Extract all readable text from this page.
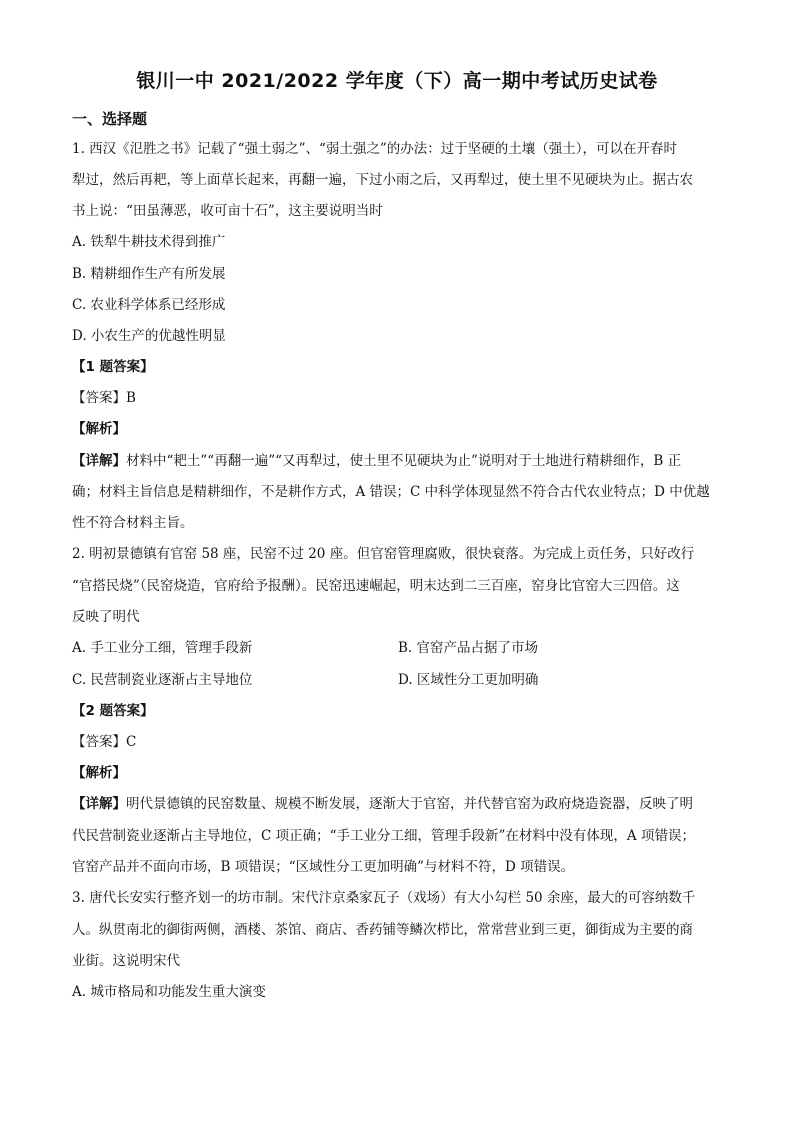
银川一中 2021/2022 学年度（下）高一期中考试历史试卷
一、选择题
1. 西汉《氾胜之书》记载了“强土弱之”、“弱土强之”的办法：过于坚硬的土壤（强土），可以在开春时
犁过，然后再耙，等上面草长起来，再翻一遍，下过小雨之后，又再犁过，使土里不见硬块为止。据古农
书上说：“田虽薄恶，收可亩十石”，这主要说明当时
A. 铁犁牛耕技术得到推广
B. 精耕细作生产有所发展
C. 农业科学体系已经形成
D. 小农生产的优越性明显
【1 题答案】
【答案】B
【解析】
【详解】材料中“耙土”“再翻一遍”“又再犁过，使土里不见硬块为止”说明对于土地进行精耕细作，B 正
确；材料主旨信息是精耕细作，不是耕作方式，A 错误；C 中科学体现显然不符合古代农业特点；D 中优越
性不符合材料主旨。
2. 明初景德镇有官窑 58 座，民窑不过 20 座。但官窑管理腐败，很快衰落。为完成上贡任务，只好改行
“官搭民烧”（民窑烧造，官府给予报酬）。民窑迅速崛起，明末达到二三百座，窑身比官窑大三四倍。这
反映了明代
A. 手工业分工细，管理手段新	B. 官窑产品占据了市场
C. 民营制瓷业逐渐占主导地位	D. 区域性分工更加明确
【2 题答案】
【答案】C
【解析】
【详解】明代景德镇的民窑数量、规模不断发展，逐渐大于官窑，并代替官窑为政府烧造瓷器，反映了明
代民营制瓷业逐渐占主导地位，C 项正确；“手工业分工细，管理手段新”在材料中没有体现，A 项错误；
官窑产品并不面向市场，B 项错误；“区域性分工更加明确”与材料不符，D 项错误。
3. 唐代长安实行整齐划一的坊市制。宋代汴京桑家瓦子（戏场）有大小勾栏 50 余座，最大的可容纳数千
人。纵贯南北的御街两侧，酒楼、茶馆、商店、香药铺等鳞次栉比，常常营业到三更，御街成为主要的商
业街。这说明宋代
A. 城市格局和功能发生重大演变
